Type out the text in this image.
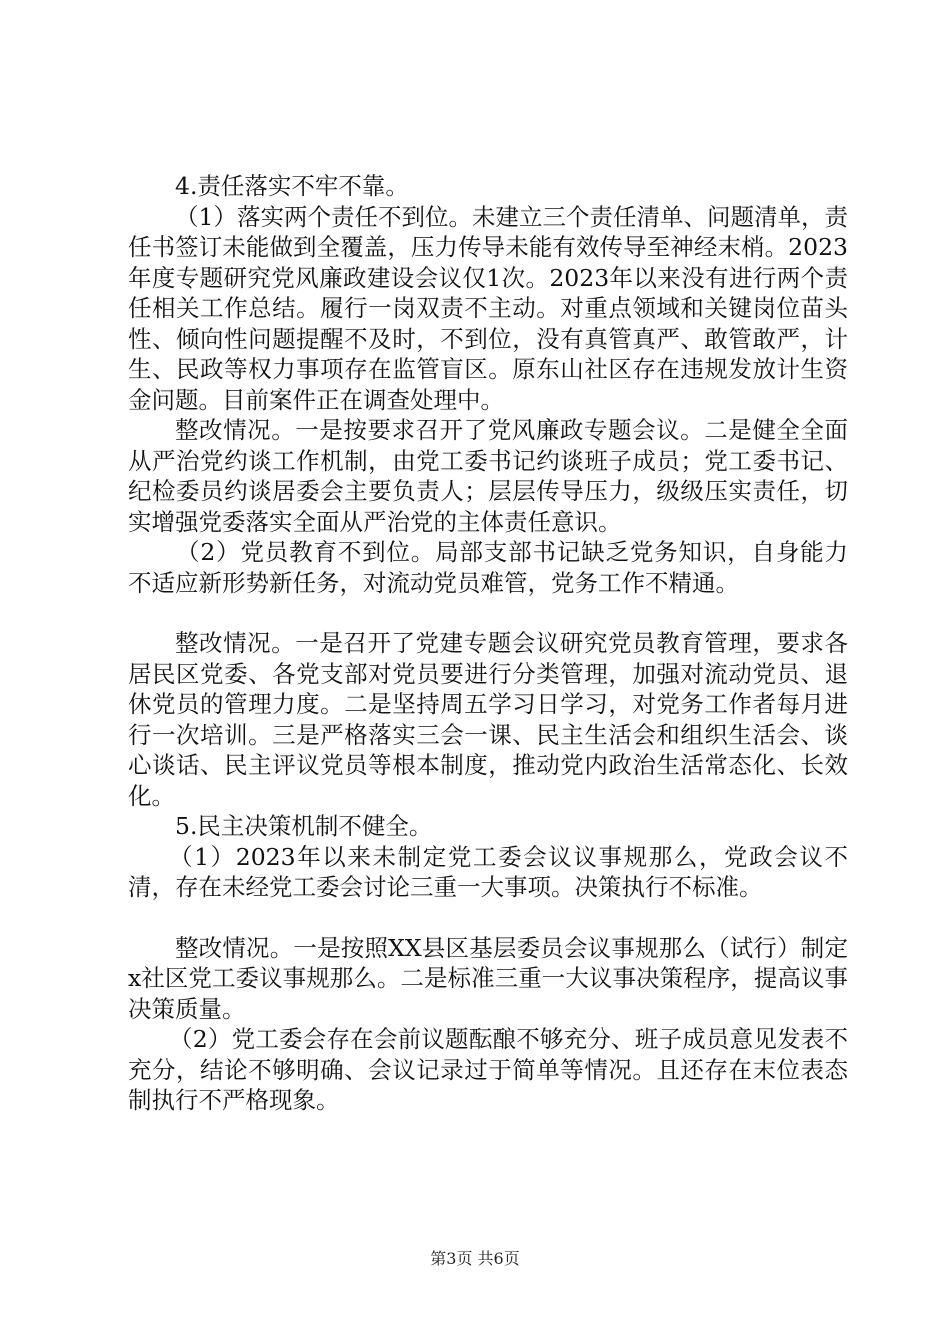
4.责任落实不牢不靠。

（1）落实两个责任不到位。未建立三个责任清单、问题清单，责任书签订未能做到全覆盖，压力传导未能有效传导至神经末梢。2023年度专题研究党风廉政建设会议仅1次。2023年以来没有进行两个责任相关工作总结。履行一岗双责不主动。对重点领域和关键岗位苗头性、倾向性问题提醒不及时，不到位，没有真管真严、敢管敢严，计生、民政等权力事项存在监管盲区。原东山社区存在违规发放计生资金问题。目前案件正在调查处理中。

整改情况。一是按要求召开了党风廉政专题会议。二是健全全面从严治党约谈工作机制，由党工委书记约谈班子成员；党工委书记、纪检委员约谈居委会主要负责人；层层传导压力，级级压实责任，切实增强党委落实全面从严治党的主体责任意识。

（2）党员教育不到位。局部支部书记缺乏党务知识，自身能力不适应新形势新任务，对流动党员难管，党务工作不精通。

整改情况。一是召开了党建专题会议研究党员教育管理，要求各居民区党委、各党支部对党员要进行分类管理，加强对流动党员、退休党员的管理力度。二是坚持周五学习日学习，对党务工作者每月进行一次培训。三是严格落实三会一课、民主生活会和组织生活会、谈心谈话、民主评议党员等根本制度，推动党内政治生活常态化、长效化。

5.民主决策机制不健全。

（1）2023年以来未制定党工委会议议事规那么，党政会议不清，存在未经党工委会讨论三重一大事项。决策执行不标准。

整改情况。一是按照XX县区基层委员会议事规那么（试行）制定x社区党工委议事规那么。二是标准三重一大议事决策程序，提高议事决策质量。

（2）党工委会存在会前议题酝酿不够充分、班子成员意见发表不充分，结论不够明确、会议记录过于简单等情况。且还存在末位表态制执行不严格现象。

第3页 共6页
